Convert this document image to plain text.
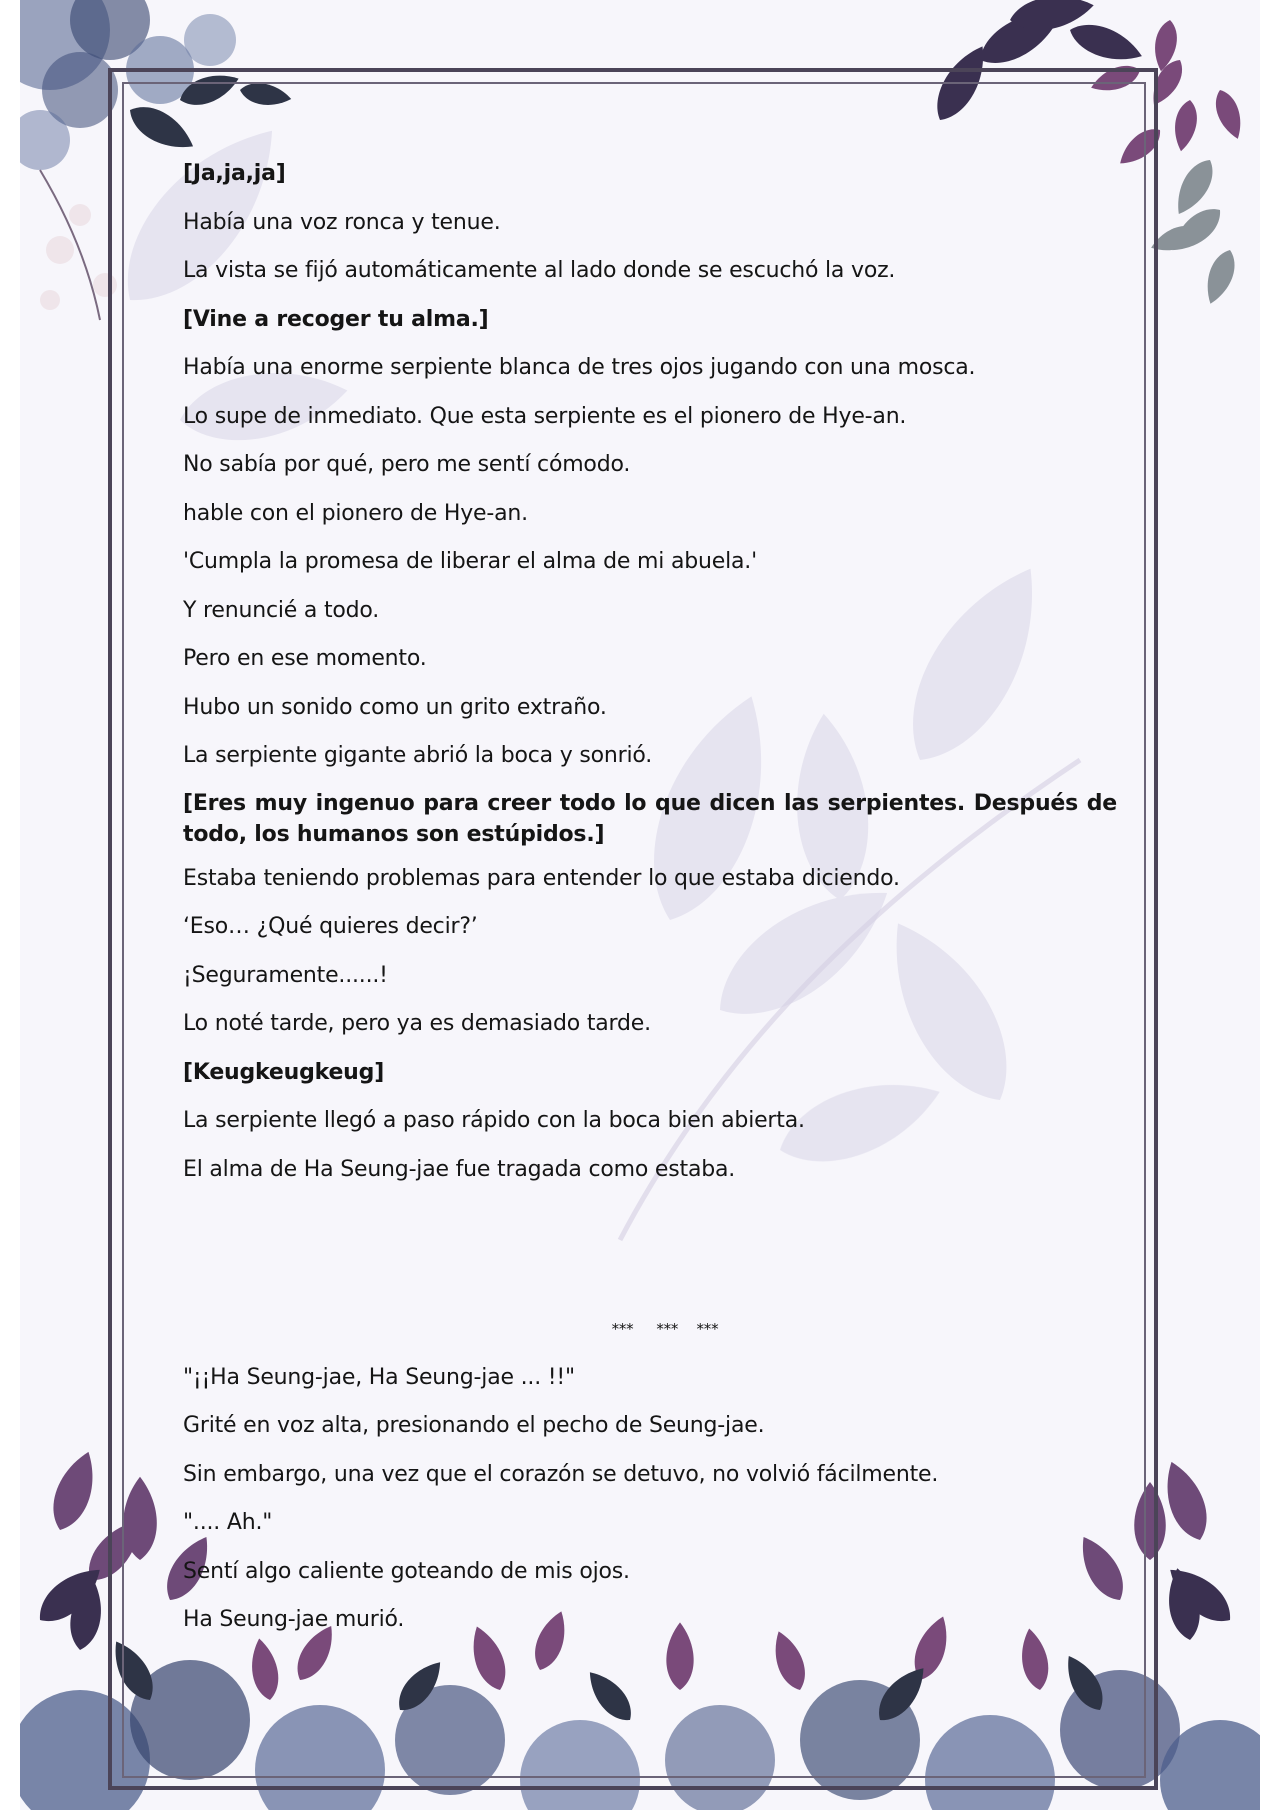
[Ja,ja,ja]
Había una voz ronca y tenue.
La vista se fijó automáticamente al lado donde se escuchó la voz.
[Vine a recoger tu alma.]
Había una enorme serpiente blanca de tres ojos jugando con una mosca.
Lo supe de inmediato. Que esta serpiente es el pionero de Hye-an.
No sabía por qué, pero me sentí cómodo.
hable con el pionero de Hye-an.
'Cumpla la promesa de liberar el alma de mi abuela.'
Y renuncié a todo.
Pero en ese momento.
Hubo un sonido como un grito extraño.
La serpiente gigante abrió la boca y sonrió.
[Eres muy ingenuo para creer todo lo que dicen las serpientes. Después de todo, los humanos son estúpidos.]
Estaba teniendo problemas para entender lo que estaba diciendo.
‘Eso… ¿Qué quieres decir?’
¡Seguramente......!
Lo noté tarde, pero ya es demasiado tarde.
[Keugkeugkeug]
La serpiente llegó a paso rápido con la boca bien abierta.
El alma de Ha Seung-jae fue tragada como estaba.
***     ***    ***
"¡¡Ha Seung-jae, Ha Seung-jae ... !!"
Grité en voz alta, presionando el pecho de Seung-jae.
Sin embargo, una vez que el corazón se detuvo, no volvió fácilmente.
".... Ah."
Sentí algo caliente goteando de mis ojos.
Ha Seung-jae murió.
